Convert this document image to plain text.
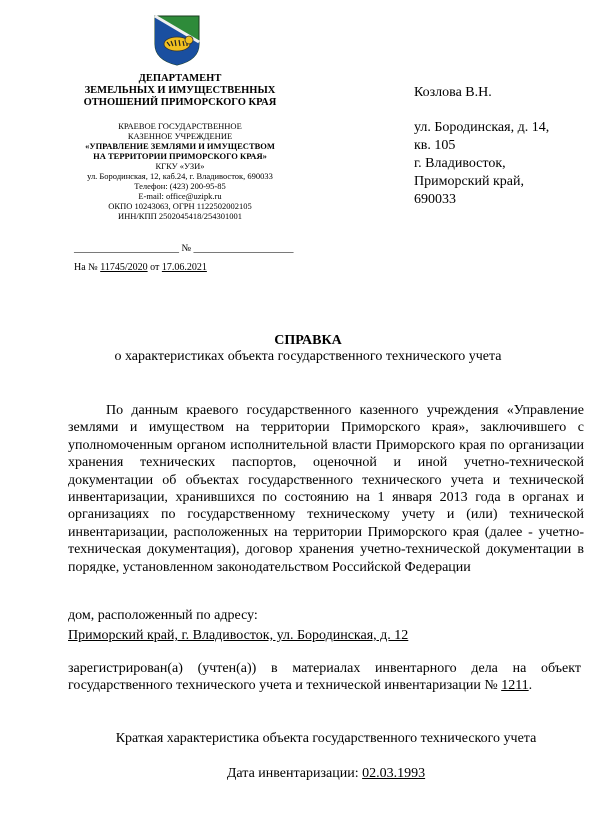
ДЕПАРТАМЕНТ
ЗЕМЕЛЬНЫХ И ИМУЩЕСТВЕННЫХ
ОТНОШЕНИЙ ПРИМОРСКОГО КРАЯ
КРАЕВОЕ ГОСУДАРСТВЕННОЕ
КАЗЕННОЕ УЧРЕЖДЕНИЕ
«УПРАВЛЕНИЕ ЗЕМЛЯМИ И ИМУЩЕСТВОМ
НА ТЕРРИТОРИИ ПРИМОРСКОГО КРАЯ»
КГКУ «УЗИ»
ул. Бородинская, 12, каб.24, г. Владивосток, 690033
Телефон: (423) 200-95-85
E-mail: office@uzipk.ru
ОКПО 10243063, ОГРН 1122502002105
ИНН/КПП 2502045418/254301001
_____________________ № ____________________
На № 11745/2020 от 17.06.2021
Козлова В.Н.
ул. Бородинская, д. 14,
кв. 105
г. Владивосток,
Приморский край,
690033
СПРАВКА
о характеристиках объекта государственного технического учета
По данным краевого государственного казенного учреждения «Управление землями и имуществом на территории Приморского края», заключившего с уполномоченным органом исполнительной власти Приморского края по организации хранения технических паспортов, оценочной и иной учетно-технической документации об объектах государственного технического учета и технической инвентаризации, хранившихся по состоянию на 1 января 2013 года в органах и организациях по государственному техническому учету и (или) технической инвентаризации, расположенных на территории Приморского края (далее - учетно-техническая документация), договор хранения учетно-технической документации в порядке, установленном законодательством Российской Федерации
дом, расположенный по адресу:
Приморский край, г. Владивосток, ул. Бородинская, д. 12
зарегистрирован(а) (учтен(а)) в материалах инвентарного дела на объект государственного технического учета и технической инвентаризации № 1211.
Краткая характеристика объекта государственного технического учета
Дата инвентаризации: 02.03.1993
